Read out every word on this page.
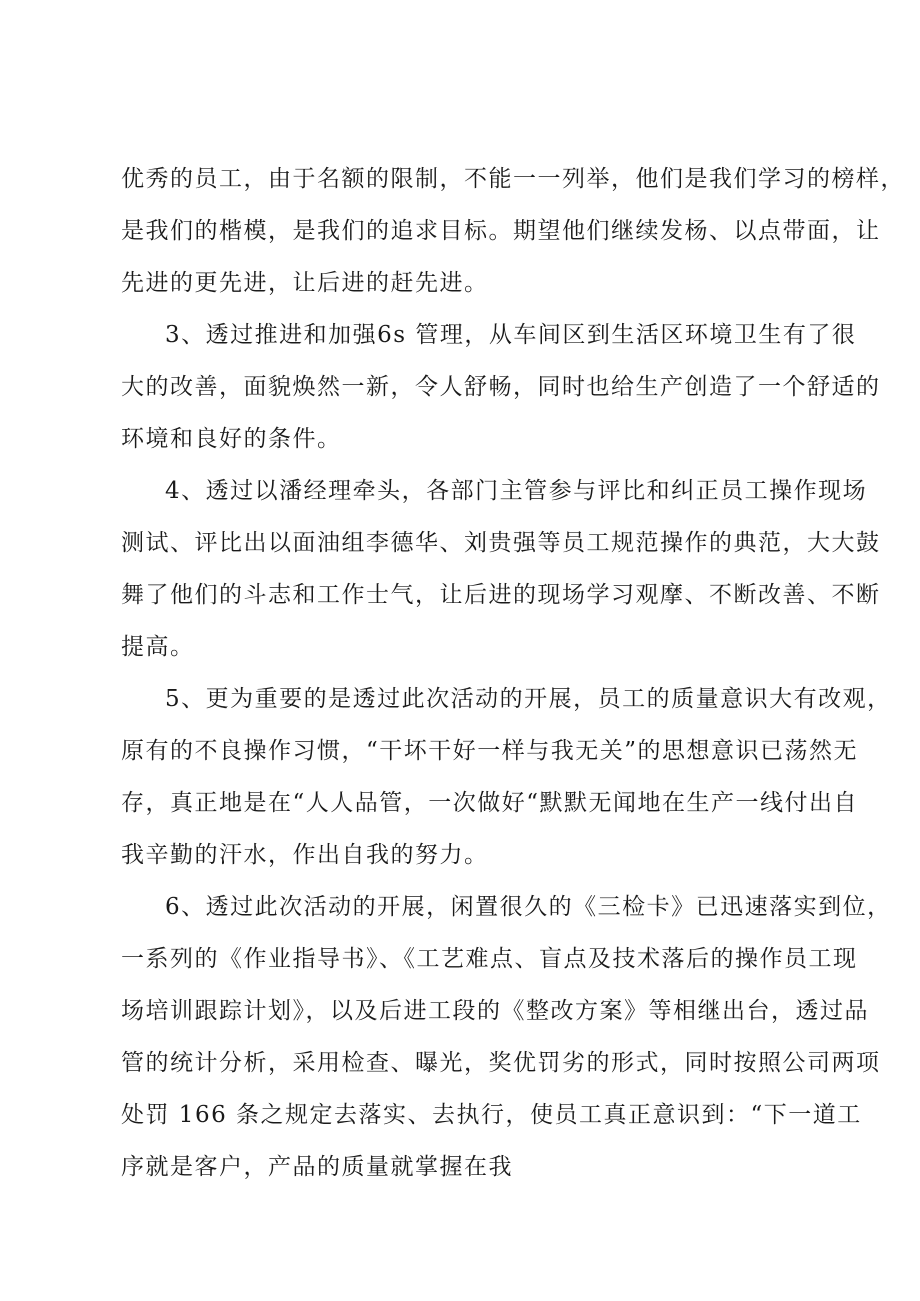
优秀的员工，由于名额的限制，不能一一列举，他们是我们学习的榜样，
是我们的楷模，是我们的追求目标。期望他们继续发杨、以点带面，让
先进的更先进，让后进的赶先进。
3、透过推进和加强6s 管理，从车间区到生活区环境卫生有了很
大的改善，面貌焕然一新，令人舒畅，同时也给生产创造了一个舒适的
环境和良好的条件。
4、透过以潘经理牵头，各部门主管参与评比和纠正员工操作现场
测试、评比出以面油组李德华、刘贵强等员工规范操作的典范，大大鼓
舞了他们的斗志和工作士气，让后进的现场学习观摩、不断改善、不断
提高。
5、更为重要的是透过此次活动的开展，员工的质量意识大有改观，
原有的不良操作习惯，“干坏干好一样与我无关”的思想意识已荡然无
存，真正地是在“人人品管，一次做好“默默无闻地在生产一线付出自
我辛勤的汗水，作出自我的努力。
6、透过此次活动的开展，闲置很久的《三检卡》已迅速落实到位，
一系列的《作业指导书》、《工艺难点、盲点及技术落后的操作员工现
场培训跟踪计划》，以及后进工段的《整改方案》等相继出台，透过品
管的统计分析，采用检查、曝光，奖优罚劣的形式，同时按照公司两项
处罚 166 条之规定去落实、去执行，使员工真正意识到：“下一道工
序就是客户，产品的质量就掌握在我
